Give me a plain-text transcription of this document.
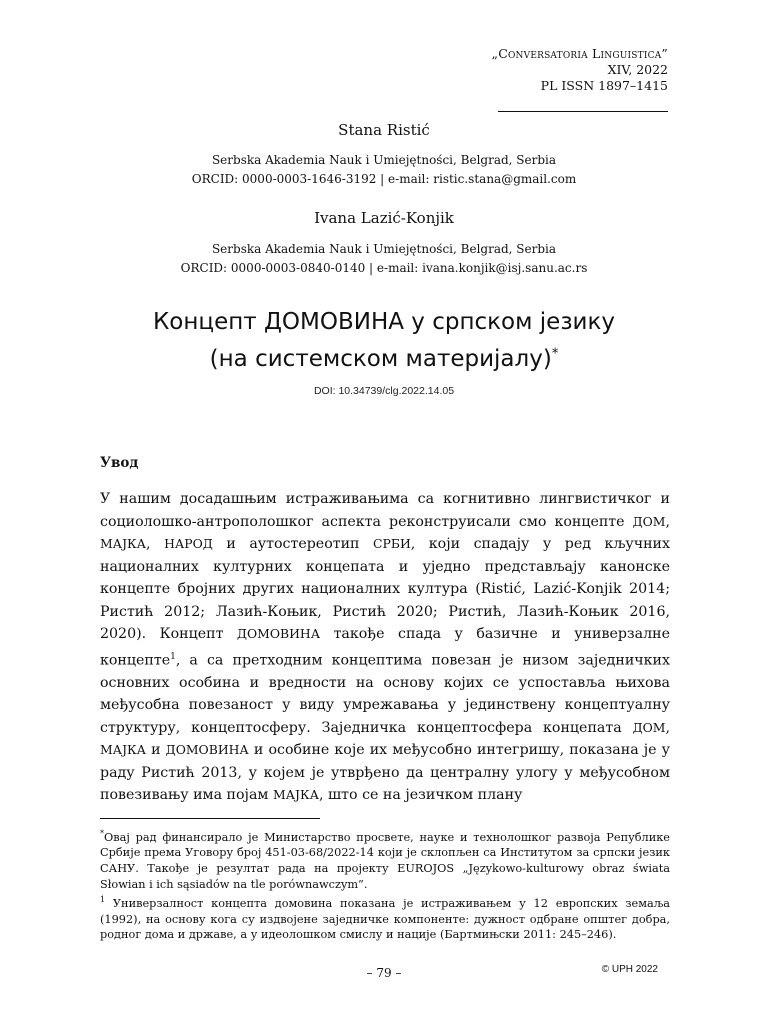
„Conversatoria Linguistica”
XIV, 2022
PL ISSN 1897–1415
Stana Ristić
Serbska Akademia Nauk i Umiejętności, Belgrad, Serbia
ORCID: 0000-0003-1646-3192 | e-mail: ristic.stana@gmail.com
Ivana Lazić-Konjik
Serbska Akademia Nauk i Umiejętności, Belgrad, Serbia
ORCID: 0000-0003-0840-0140 | e-mail: ivana.konjik@isj.sanu.ac.rs
Концепт ДОМОВИНА у српском језику
(на системском материјалу)*
DOI: 10.34739/clg.2022.14.05
Увод
У нашим досадашњим истраживањима са когнитивно лингвистичког и социолошко-антрополошког аспекта реконструисали смо концепте ДОМ, МАЈКА, НАРОД и аутостереотип СРБИ, који спадају у ред кључних националних културних концепата и уједно представљају канонске концепте бројних других националних култура (Ristić, Lazić-Konjik 2014; Ристић 2012; Лазић-Коњик, Ристић 2020; Ристић, Лазић-Коњик 2016, 2020). Концепт ДОМОВИНА такође спада у базичне и универзалне концепте$^1$, а са претходним концептима повезан је низом заједничких основних особина и вредности на основу којих се успоставља њихова међусобна повезаност у виду умрежавања у јединствену концептуалну структуру, концептосферу. Заједничка концептосфера концепата ДОМ, МАЈКА и ДОМОВИНА и особине које их међусобно интегришу, показана је у раду Ристић 2013, у којем је утврђено да централну улогу у међусобном повезивању има појам МАЈКА, што се на језичком плану

*Овај рад финансирало је Министарство просвете, науке и технолошког развоја Републике Србије према Уговору број 451-03-68/2022-14 који је склопљен са Институтом за српски језик САНУ. Такође је резултат рада на пројекту EUROJOS „Językowo-kulturowy obraz świata Słowian i ich sąsiadów na tle porównawczym”.

$^1$ Универзалност концепта домовина показана је истраживањем у 12 европских земаља (1992), на основу кога су издвојене заједничке компоненте: дужност одбране општег добра, родног дома и државе, а у идеолошком смислу и нације (Бартмињски 2011: 245–246).

– 79 –	© UPH 2022
